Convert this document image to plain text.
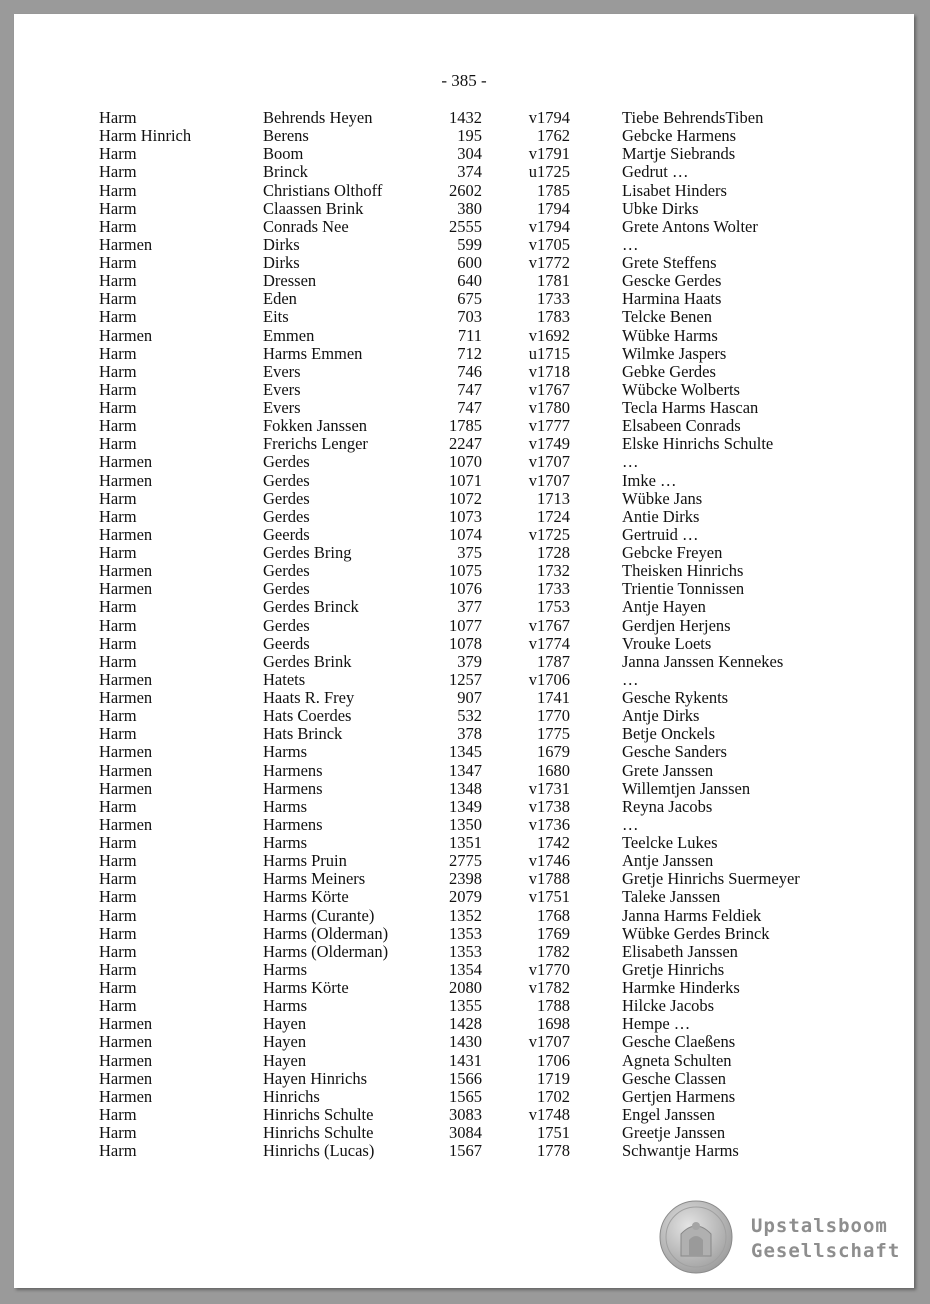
- 385 -
Harm	Behrends Heyen	1432	v1794	Tiebe BehrendsTiben
Harm Hinrich	Berens	195	1762	Gebcke Harmens
Harm	Boom	304	v1791	Martje Siebrands
Harm	Brinck	374	u1725	Gedrut …
Harm	Christians Olthoff	2602	1785	Lisabet Hinders
Harm	Claassen Brink	380	1794	Ubke Dirks
Harm	Conrads Nee	2555	v1794	Grete Antons Wolter
Harmen	Dirks	599	v1705	…
Harm	Dirks	600	v1772	Grete Steffens
Harm	Dressen	640	1781	Gescke Gerdes
Harm	Eden	675	1733	Harmina Haats
Harm	Eits	703	1783	Telcke Benen
Harmen	Emmen	711	v1692	Wübke Harms
Harm	Harms Emmen	712	u1715	Wilmke Jaspers
Harm	Evers	746	v1718	Gebke Gerdes
Harm	Evers	747	v1767	Wübcke Wolberts
Harm	Evers	747	v1780	Tecla Harms Hascan
Harm	Fokken Janssen	1785	v1777	Elsabeen Conrads
Harm	Frerichs Lenger	2247	v1749	Elske Hinrichs Schulte
Harmen	Gerdes	1070	v1707	…
Harmen	Gerdes	1071	v1707	Imke …
Harm	Gerdes	1072	1713	Wübke Jans
Harm	Gerdes	1073	1724	Antie Dirks
Harmen	Geerds	1074	v1725	Gertruid …
Harm	Gerdes Bring	375	1728	Gebcke Freyen
Harmen	Gerdes	1075	1732	Theisken Hinrichs
Harmen	Gerdes	1076	1733	Trientie Tonnissen
Harm	Gerdes Brinck	377	1753	Antje Hayen
Harm	Gerdes	1077	v1767	Gerdjen Herjens
Harm	Geerds	1078	v1774	Vrouke Loets
Harm	Gerdes Brink	379	1787	Janna Janssen Kennekes
Harmen	Hatets	1257	v1706	…
Harmen	Haats R. Frey	907	1741	Gesche Rykents
Harm	Hats Coerdes	532	1770	Antje Dirks
Harm	Hats Brinck	378	1775	Betje Onckels
Harmen	Harms	1345	1679	Gesche Sanders
Harmen	Harmens	1347	1680	Grete Janssen
Harmen	Harmens	1348	v1731	Willemtjen Janssen
Harm	Harms	1349	v1738	Reyna Jacobs
Harmen	Harmens	1350	v1736	…
Harm	Harms	1351	1742	Teelcke Lukes
Harm	Harms Pruin	2775	v1746	Antje Janssen
Harm	Harms Meiners	2398	v1788	Gretje Hinrichs Suermeyer
Harm	Harms Körte	2079	v1751	Taleke Janssen
Harm	Harms (Curante)	1352	1768	Janna Harms Feldiek
Harm	Harms (Olderman)	1353	1769	Wübke Gerdes Brinck
Harm	Harms (Olderman)	1353	1782	Elisabeth Janssen
Harm	Harms	1354	v1770	Gretje Hinrichs
Harm	Harms Körte	2080	v1782	Harmke Hinderks
Harm	Harms	1355	1788	Hilcke Jacobs
Harmen	Hayen	1428	1698	Hempe …
Harmen	Hayen	1430	v1707	Gesche Claeßens
Harmen	Hayen	1431	1706	Agneta Schulten
Harmen	Hayen Hinrichs	1566	1719	Gesche Classen
Harmen	Hinrichs	1565	1702	Gertjen Harmens
Harm	Hinrichs Schulte	3083	v1748	Engel Janssen
Harm	Hinrichs Schulte	3084	1751	Greetje Janssen
Harm	Hinrichs (Lucas)	1567	1778	Schwantje Harms
Upstalsboom
Gesellschaft
